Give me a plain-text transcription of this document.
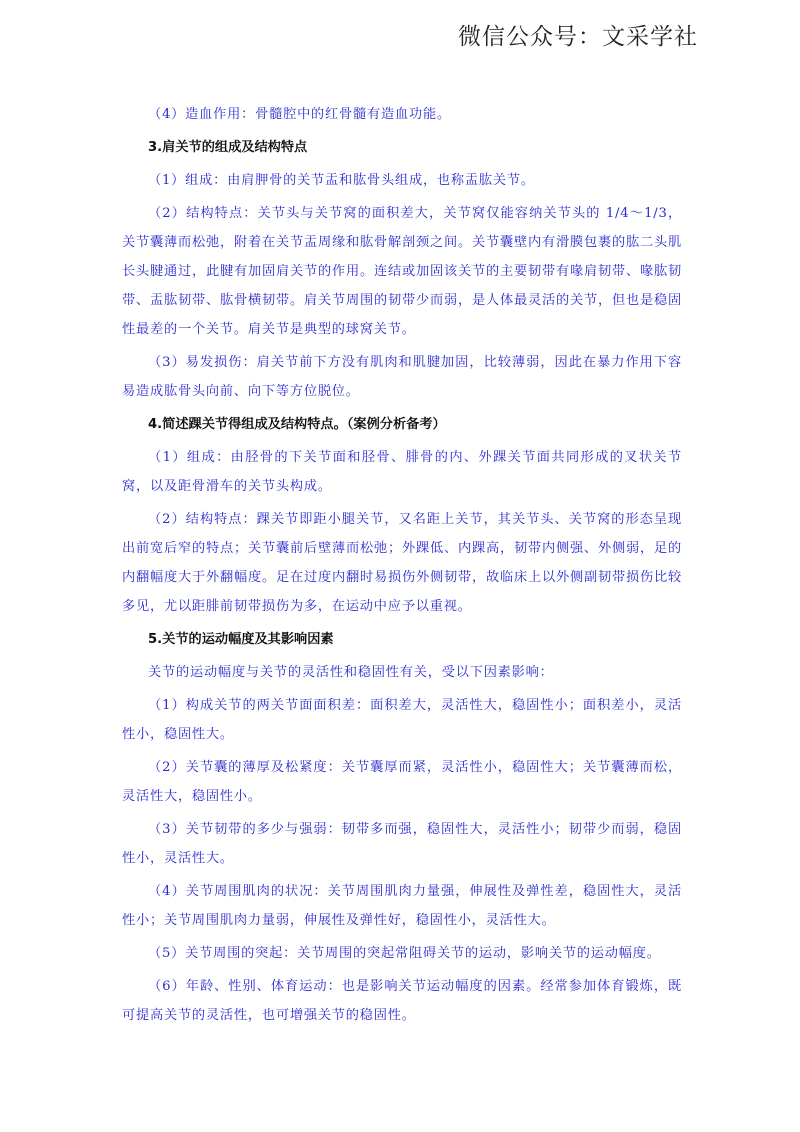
微信公众号：文采学社

（4）造血作用：骨髓腔中的红骨髓有造血功能。

3.肩关节的组成及结构特点

（1）组成：由肩胛骨的关节盂和肱骨头组成，也称盂肱关节。

（2）结构特点：关节头与关节窝的面积差大，关节窝仅能容纳关节头的 1/4～1/3，关节囊薄而松弛，附着在关节盂周缘和肱骨解剖颈之间。关节囊壁内有滑膜包裹的肱二头肌长头腱通过，此腱有加固肩关节的作用。连结或加固该关节的主要韧带有喙肩韧带、喙肱韧带、盂肱韧带、肱骨横韧带。肩关节周围的韧带少而弱，是人体最灵活的关节，但也是稳固性最差的一个关节。肩关节是典型的球窝关节。

（3）易发损伤：肩关节前下方没有肌肉和肌腱加固，比较薄弱，因此在暴力作用下容易造成肱骨头向前、向下等方位脱位。

4.简述踝关节得组成及结构特点。（案例分析备考）

（1）组成：由胫骨的下关节面和胫骨、腓骨的内、外踝关节面共同形成的叉状关节窝，以及距骨滑车的关节头构成。

（2）结构特点：踝关节即距小腿关节，又名距上关节，其关节头、关节窝的形态呈现出前宽后窄的特点；关节囊前后壁薄而松弛；外踝低、内踝高，韧带内侧强、外侧弱，足的内翻幅度大于外翻幅度。足在过度内翻时易损伤外侧韧带，故临床上以外侧副韧带损伤比较多见，尤以距腓前韧带损伤为多，在运动中应予以重视。

5.关节的运动幅度及其影响因素

关节的运动幅度与关节的灵活性和稳固性有关，受以下因素影响：

（1）构成关节的两关节面面积差：面积差大，灵活性大，稳固性小；面积差小，灵活性小，稳固性大。

（2）关节囊的薄厚及松紧度：关节囊厚而紧，灵活性小，稳固性大；关节囊薄而松，灵活性大，稳固性小。

（3）关节韧带的多少与强弱：韧带多而强，稳固性大，灵活性小；韧带少而弱，稳固性小，灵活性大。

（4）关节周围肌肉的状况：关节周围肌肉力量强，伸展性及弹性差，稳固性大，灵活性小；关节周围肌肉力量弱，伸展性及弹性好，稳固性小，灵活性大。

（5）关节周围的突起：关节周围的突起常阻碍关节的运动，影响关节的运动幅度。

（6）年龄、性别、体育运动：也是影响关节运动幅度的因素。经常参加体育锻炼，既可提高关节的灵活性，也可增强关节的稳固性。
